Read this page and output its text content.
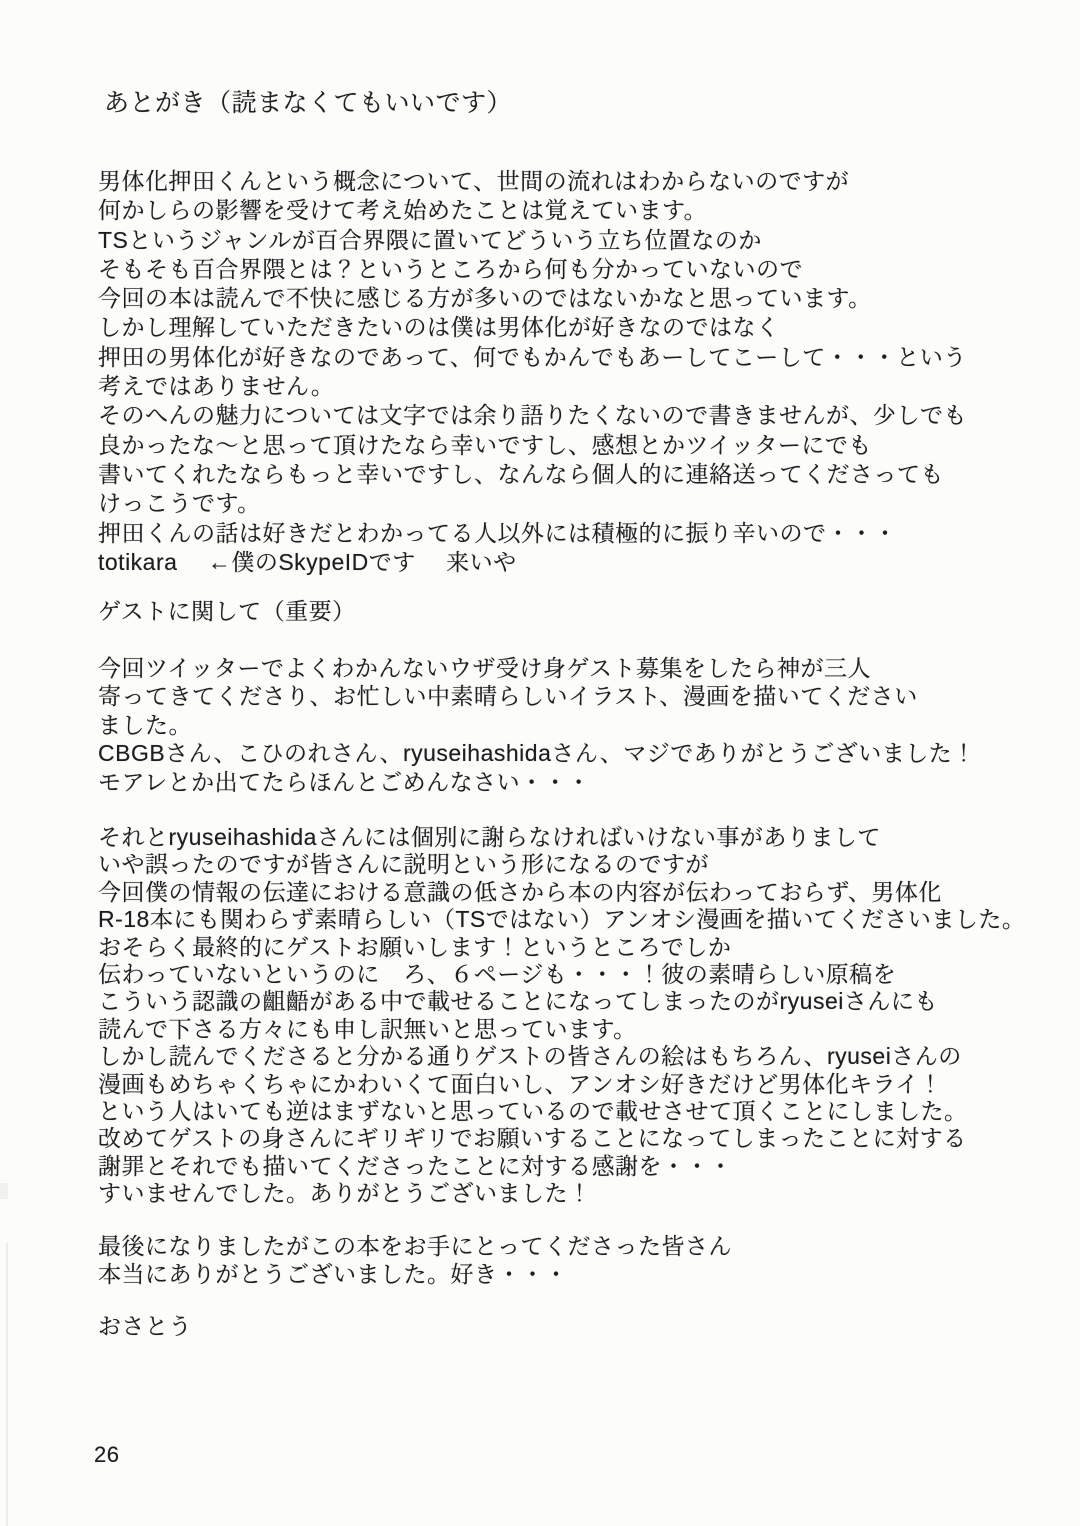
あとがき（読まなくてもいいです）
男体化押田くんという概念について、世間の流れはわからないのですが
何かしらの影響を受けて考え始めたことは覚えています。
TSというジャンルが百合界隈に置いてどういう立ち位置なのか
そもそも百合界隈とは？というところから何も分かっていないので
今回の本は読んで不快に感じる方が多いのではないかなと思っています。
しかし理解していただきたいのは僕は男体化が好きなのではなく
押田の男体化が好きなのであって、何でもかんでもあーしてこーして・・・という
考えではありません。
そのへんの魅力については文字では余り語りたくないので書きませんが、少しでも
良かったな～と思って頂けたなら幸いですし、感想とかツイッターにでも
書いてくれたならもっと幸いですし、なんなら個人的に連絡送ってくださっても
けっこうです。
押田くんの話は好きだとわかってる人以外には積極的に振り辛いので・・・
totikara　 ←僕のSkypeIDです　 来いや
ゲストに関して（重要）
今回ツイッターでよくわかんないウザ受け身ゲスト募集をしたら神が三人
寄ってきてくださり、お忙しい中素晴らしいイラスト、漫画を描いてください
ました。
CBGBさん、こひのれさん、ryuseihashidaさん、マジでありがとうございました！
モアレとか出てたらほんとごめんなさい・・・
それとryuseihashidaさんには個別に謝らなければいけない事がありまして
いや誤ったのですが皆さんに説明という形になるのですが
今回僕の情報の伝達における意識の低さから本の内容が伝わっておらず、男体化
R-18本にも関わらず素晴らしい（TSではない）アンオシ漫画を描いてくださいました。
おそらく最終的にゲストお願いします！というところでしか
伝わっていないというのに　ろ、６ページも・・・！彼の素晴らしい原稿を
こういう認識の齟齬がある中で載せることになってしまったのがryuseiさんにも
読んで下さる方々にも申し訳無いと思っています。
しかし読んでくださると分かる通りゲストの皆さんの絵はもちろん、ryuseiさんの
漫画もめちゃくちゃにかわいくて面白いし、アンオシ好きだけど男体化キライ！
という人はいても逆はまずないと思っているので載せさせて頂くことにしました。
改めてゲストの身さんにギリギリでお願いすることになってしまったことに対する
謝罪とそれでも描いてくださったことに対する感謝を・・・
すいませんでした。ありがとうございました！
最後になりましたがこの本をお手にとってくださった皆さん
本当にありがとうございました。好き・・・
おさとう
26
